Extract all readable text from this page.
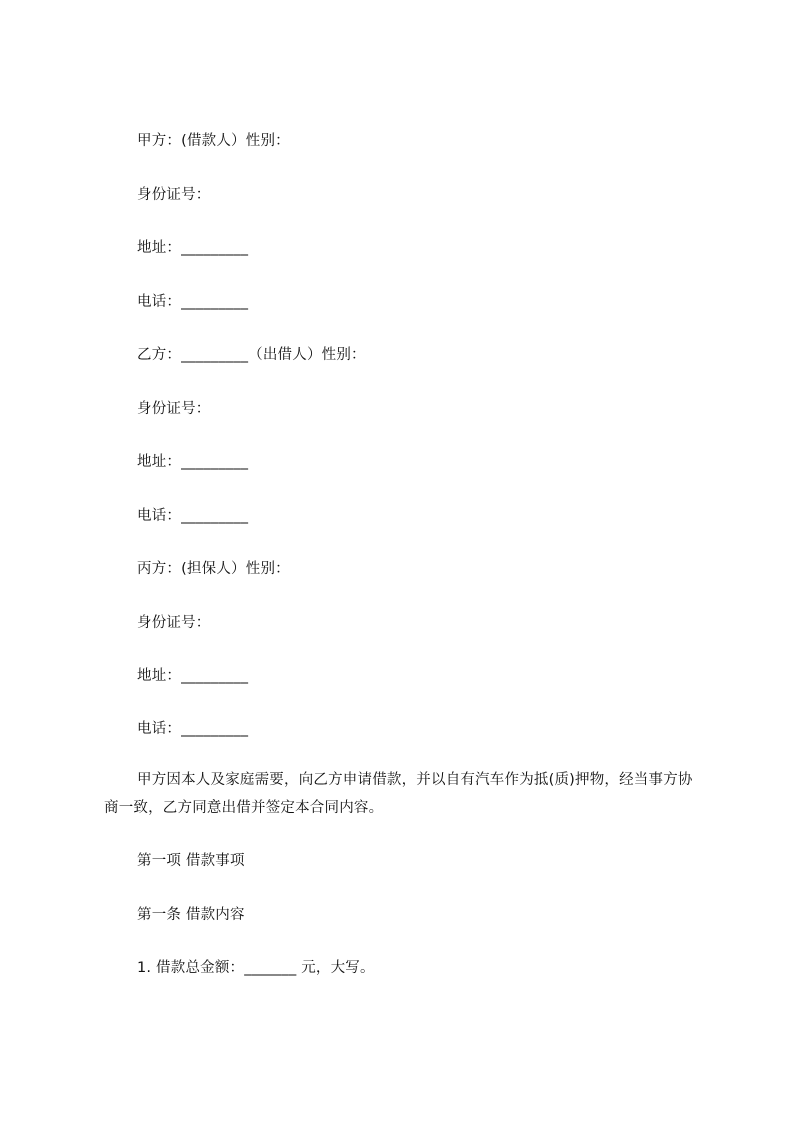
甲方：(借款人）性别：
身份证号：
地址：_________
电话：_________
乙方：_________（出借人）性别：
身份证号：
地址：_________
电话：_________
丙方：(担保人）性别：
身份证号：
地址：_________
电话：_________
甲方因本人及家庭需要，向乙方申请借款，并以自有汽车作为抵(质)押物，经当事方协商一致，乙方同意出借并签定本合同内容。
第一项 借款事项
第一条 借款内容
1. 借款总金额：_______ 元，大写。
